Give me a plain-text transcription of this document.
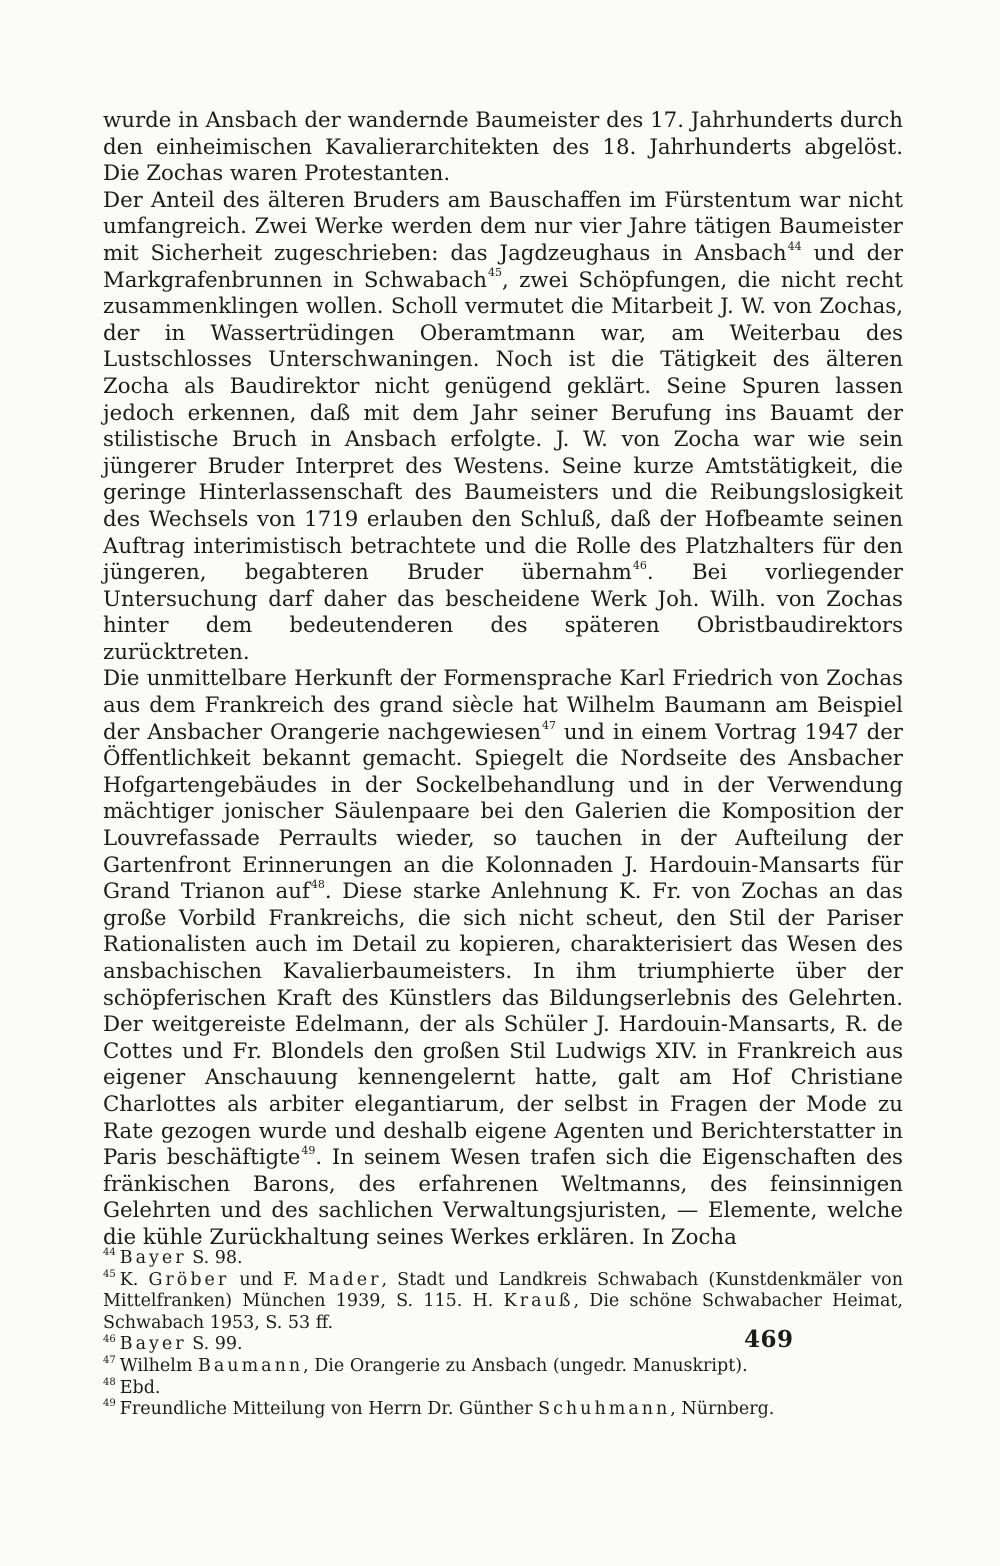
wurde in Ansbach der wandernde Baumeister des 17. Jahrhunderts durch den einheimischen Kavalierarchitekten des 18. Jahrhunderts abgelöst. Die Zochas waren Protestanten.

Der Anteil des älteren Bruders am Bauschaffen im Fürstentum war nicht umfangreich. Zwei Werke werden dem nur vier Jahre tätigen Baumeister mit Sicherheit zugeschrieben: das Jagdzeughaus in Ansbach$^{44}$ und der Markgrafenbrunnen in Schwabach$^{45}$, zwei Schöpfungen, die nicht recht zusammenklingen wollen. Scholl vermutet die Mitarbeit J. W. von Zochas, der in Wassertrüdingen Oberamtmann war, am Weiterbau des Lustschlosses Unterschwaningen. Noch ist die Tätigkeit des älteren Zocha als Baudirektor nicht genügend geklärt. Seine Spuren lassen jedoch erkennen, daß mit dem Jahr seiner Berufung ins Bauamt der stilistische Bruch in Ansbach erfolgte. J. W. von Zocha war wie sein jüngerer Bruder Interpret des Westens. Seine kurze Amtstätigkeit, die geringe Hinterlassenschaft des Baumeisters und die Reibungslosigkeit des Wechsels von 1719 erlauben den Schluß, daß der Hofbeamte seinen Auftrag interimistisch betrachtete und die Rolle des Platzhalters für den jüngeren, begabteren Bruder übernahm$^{46}$. Bei vorliegender Untersuchung darf daher das bescheidene Werk Joh. Wilh. von Zochas hinter dem bedeutenderen des späteren Obristbaudirektors zurücktreten.

Die unmittelbare Herkunft der Formensprache Karl Friedrich von Zochas aus dem Frankreich des grand siècle hat Wilhelm Baumann am Beispiel der Ansbacher Orangerie nachgewiesen$^{47}$ und in einem Vortrag 1947 der Öffentlichkeit bekannt gemacht. Spiegelt die Nordseite des Ansbacher Hofgartengebäudes in der Sockelbehandlung und in der Verwendung mächtiger jonischer Säulenpaare bei den Galerien die Komposition der Louvrefassade Perraults wieder, so tauchen in der Aufteilung der Gartenfront Erinnerungen an die Kolonnaden J. Hardouin-Mansarts für Grand Trianon auf$^{48}$. Diese starke Anlehnung K. Fr. von Zochas an das große Vorbild Frankreichs, die sich nicht scheut, den Stil der Pariser Rationalisten auch im Detail zu kopieren, charakterisiert das Wesen des ansbachischen Kavalierbaumeisters. In ihm triumphierte über der schöpferischen Kraft des Künstlers das Bildungserlebnis des Gelehrten. Der weitgereiste Edelmann, der als Schüler J. Hardouin-Mansarts, R. de Cottes und Fr. Blondels den großen Stil Ludwigs XIV. in Frankreich aus eigener Anschauung kennengelernt hatte, galt am Hof Christiane Charlottes als arbiter elegantiarum, der selbst in Fragen der Mode zu Rate gezogen wurde und deshalb eigene Agenten und Berichterstatter in Paris beschäftigte$^{49}$. In seinem Wesen trafen sich die Eigenschaften des fränkischen Barons, des erfahrenen Weltmanns, des feinsinnigen Gelehrten und des sachlichen Verwaltungsjuristen, — Elemente, welche die kühle Zurückhaltung seines Werkes erklären. In Zocha

$^{44}$ Bayer S. 98.
$^{45}$ K. Gröber und F. Mader, Stadt und Landkreis Schwabach (Kunstdenkmäler von Mittelfranken) München 1939, S. 115. H. Krauß, Die schöne Schwabacher Heimat, Schwabach 1953, S. 53 ff.
$^{46}$ Bayer S. 99.
$^{47}$ Wilhelm Baumann, Die Orangerie zu Ansbach (ungedr. Manuskript).
$^{48}$ Ebd.
$^{49}$ Freundliche Mitteilung von Herrn Dr. Günther Schuhmann, Nürnberg.
469
